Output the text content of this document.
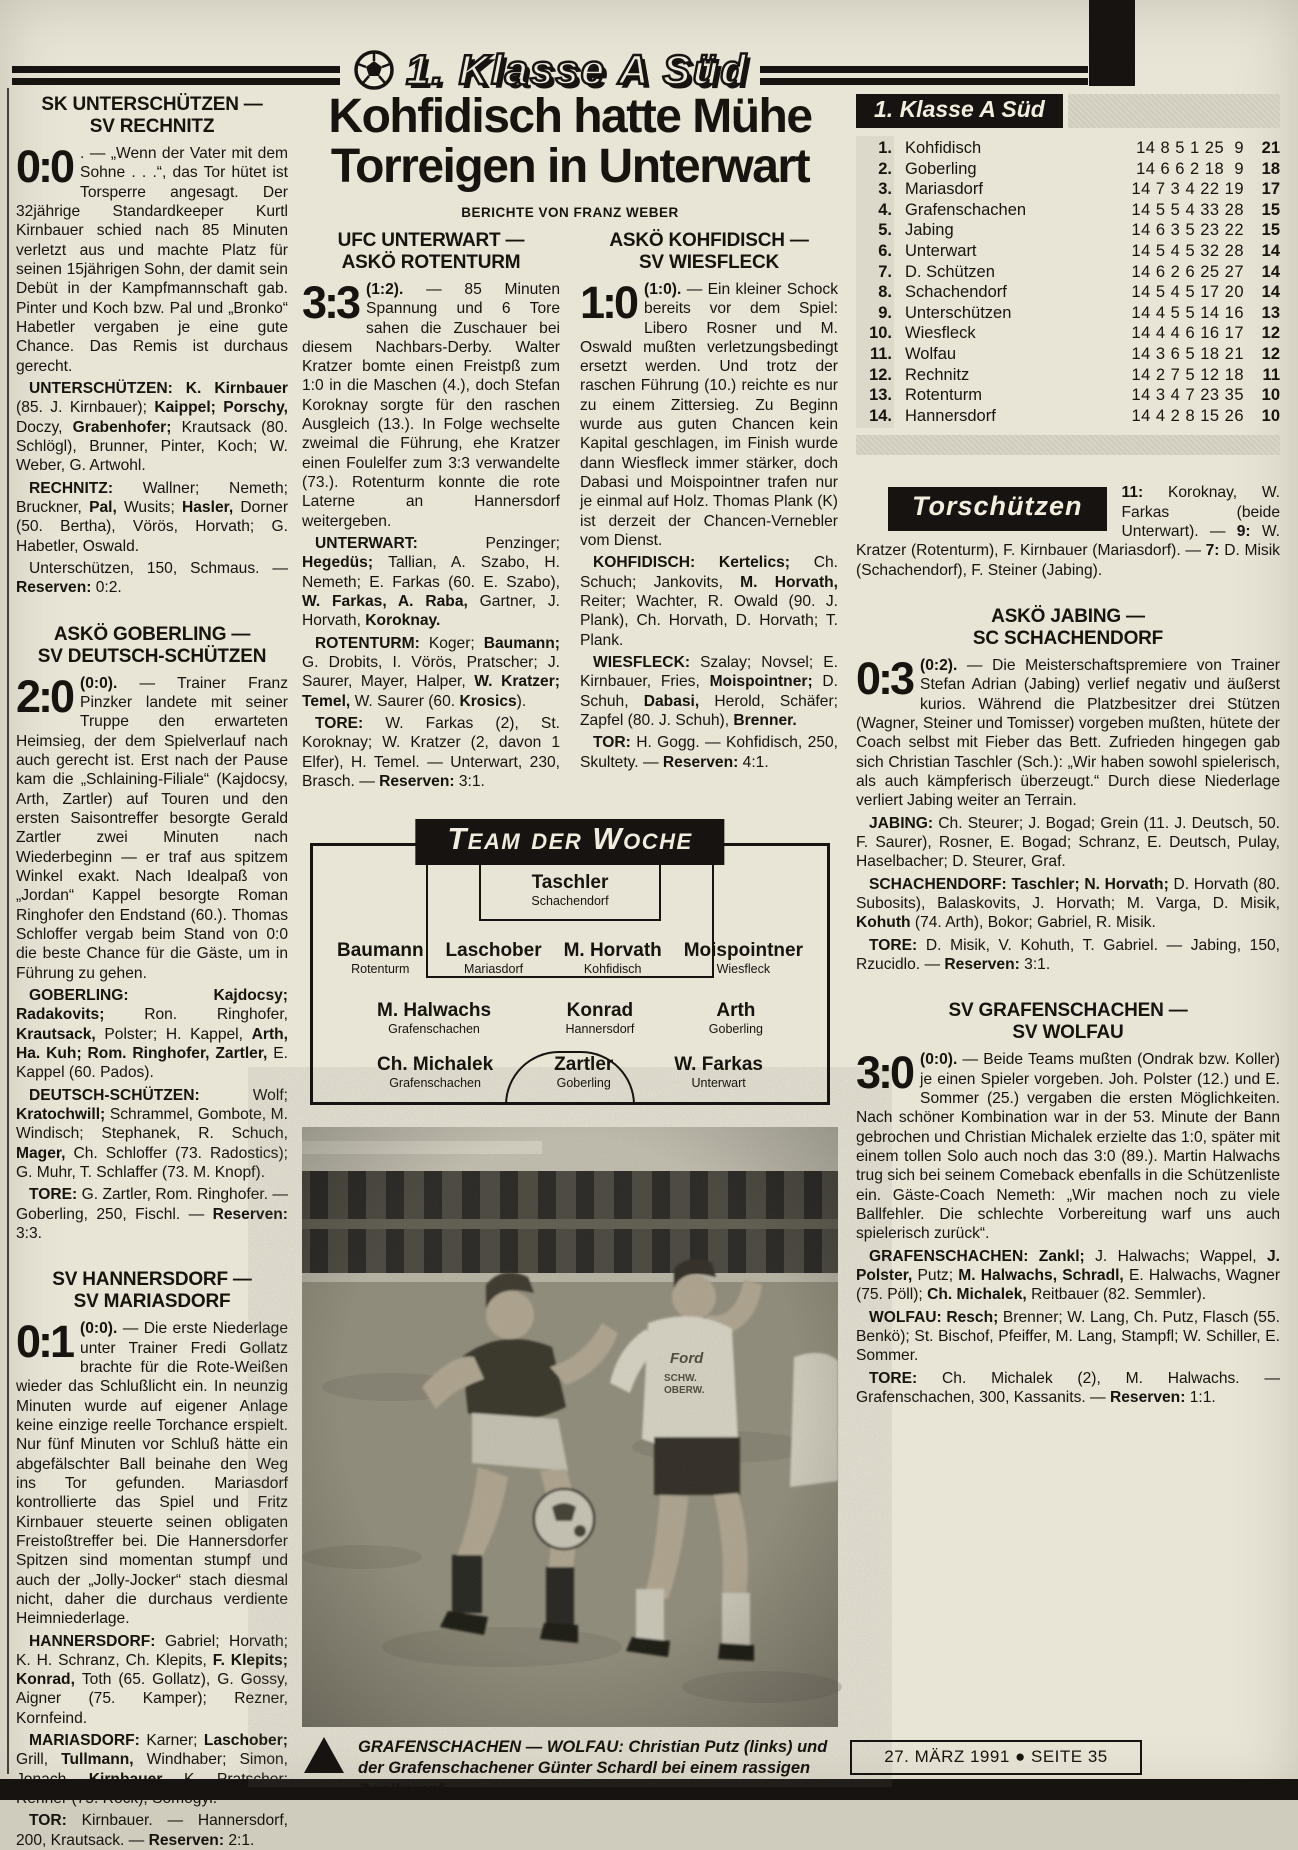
1. Klasse A Süd
SK UNTERSCHÜTZEN —
SV RECHNITZ

0:0 . — „Wenn der Vater mit dem Sohne . . .“, das Tor hütet ist Torsperre angesagt. Der 32jährige Standardkeeper Kurtl Kirnbauer schied nach 85 Minuten verletzt aus und machte Platz für seinen 15jährigen Sohn, der damit sein Debüt in der Kampfmannschaft gab. Pinter und Koch bzw. Pal und „Bronko“ Habetler vergaben je eine gute Chance. Das Remis ist durchaus gerecht.

UNTERSCHÜTZEN: K. Kirnbauer (85. J. Kirnbauer); Kaippel; Porschy, Doczy, Grabenhofer; Krautsack (80. Schlögl), Brunner, Pinter, Koch; W. Weber, G. Artwohl.

RECHNITZ: Wallner; Nemeth; Bruckner, Pal, Wusits; Hasler, Dorner (50. Bertha), Vörös, Horvath; G. Habetler, Oswald.

Unterschützen, 150, Schmaus. — Reserven: 0:2.

ASKÖ GOBERLING —
SV DEUTSCH-SCHÜTZEN

2:0 (0:0). — Trainer Franz Pinzker landete mit seiner Truppe den erwarteten Heimsieg, der dem Spielverlauf nach auch gerecht ist. Erst nach der Pause kam die „Schlaining-Filiale“ (Kajdocsy, Arth, Zartler) auf Touren und den ersten Saisontreffer besorgte Gerald Zartler zwei Minuten nach Wiederbeginn — er traf aus spitzem Winkel exakt. Nach Idealpaß von „Jordan“ Kappel besorgte Roman Ringhofer den Endstand (60.). Thomas Schloffer vergab beim Stand von 0:0 die beste Chance für die Gäste, um in Führung zu gehen.

GOBERLING: Kajdocsy; Radakovits; Ron. Ringhofer, Krautsack, Polster; H. Kappel, Arth, Ha. Kuh; Rom. Ringhofer, Zartler, E. Kappel (60. Pados).

DEUTSCH-SCHÜTZEN: Wolf; Kratochwill; Schrammel, Gombote, M. Windisch; Stephanek, R. Schuch, Mager, Ch. Schloffer (73. Radostics); G. Muhr, T. Schlaffer (73. M. Knopf).

TORE: G. Zartler, Rom. Ringhofer. — Goberling, 250, Fischl. — Reserven: 3:3.

SV HANNERSDORF —
SV MARIASDORF

0:1 (0:0). — Die erste Niederlage unter Trainer Fredi Gollatz brachte für die Rote-Weißen wieder das Schlußlicht ein. In neunzig Minuten wurde auf eigener Anlage keine einzige reelle Torchance erspielt. Nur fünf Minuten vor Schluß hätte ein abgefälschter Ball beinahe den Weg ins Tor gefunden. Mariasdorf kontrollierte das Spiel und Fritz Kirnbauer steuerte seinen obligaten Freistoßtreffer bei. Die Hannersdorfer Spitzen sind momentan stumpf und auch der „Jolly-Jocker“ stach diesmal nicht, daher die durchaus verdiente Heimniederlage.

HANNERSDORF: Gabriel; Horvath; K. H. Schranz, Ch. Klepits, F. Klepits; Konrad, Toth (65. Gollatz), G. Gossy, Aigner (75. Kamper); Rezner, Kornfeind.

MARIASDORF: Karner; Laschober; Grill, Tullmann, Windhaber; Simon, Jonach, Kirnbauer, K. Pratscher; Renner (75. Röck), Somogyi.

TOR: Kirnbauer. — Hannersdorf, 200, Krautsack. — Reserven: 2:1.

Kohfidisch hatte Mühe
Torreigen in Unterwart
BERICHTE VON FRANZ WEBER
UFC UNTERWART —
ASKÖ ROTENTURM

3:3 (1:2). — 85 Minuten Spannung und 6 Tore sahen die Zuschauer bei diesem Nachbars-Derby. Walter Kratzer bomte einen Freistpß zum 1:0 in die Maschen (4.), doch Stefan Koroknay sorgte für den raschen Ausgleich (13.). In Folge wechselte zweimal die Führung, ehe Kratzer einen Foulelfer zum 3:3 verwandelte (73.). Rotenturm konnte die rote Laterne an Hannersdorf weitergeben.

UNTERWART: Penzinger; Hegedüs; Tallian, A. Szabo, H. Nemeth; E. Farkas (60. E. Szabo), W. Farkas, A. Raba, Gartner, J. Horvath, Koroknay.

ROTENTURM: Koger; Baumann; G. Drobits, I. Vörös, Pratscher; J. Saurer, Mayer, Halper, W. Kratzer; Temel, W. Saurer (60. Krosics).

TORE: W. Farkas (2), St. Koroknay; W. Kratzer (2, davon 1 Elfer), H. Temel. — Unterwart, 230, Brasch. — Reserven: 3:1.

ASKÖ KOHFIDISCH —
SV WIESFLECK

1:0 (1:0). — Ein kleiner Schock bereits vor dem Spiel: Libero Rosner und M. Oswald mußten verletzungsbedingt ersetzt werden. Und trotz der raschen Führung (10.) reichte es nur zu einem Zittersieg. Zu Beginn wurde aus guten Chancen kein Kapital geschlagen, im Finish wurde dann Wiesfleck immer stärker, doch Dabasi und Moispointner trafen nur je einmal auf Holz. Thomas Plank (K) ist derzeit der Chancen-Vernebler vom Dienst.

KOHFIDISCH: Kertelics; Ch. Schuch; Jankovits, M. Horvath, Reiter; Wachter, R. Owald (90. J. Plank), Ch. Horvath, D. Horvath; T. Plank.

WIESFLECK: Szalay; Novsel; E. Kirnbauer, Fries, Moispointner; D. Schuh, Dabasi, Herold, Schäfer; Zapfel (80. J. Schuh), Brenner.

TOR: H. Gogg. — Kohfidisch, 250, Skultety. — Reserven: 4:1.

Team der Woche
Taschler
Schachendorf
Baumann
Rotenturm
Laschober
Mariasdorf
M. Horvath
Kohfidisch
Moispointner
Wiesfleck
M. Halwachs
Grafenschachen
Konrad
Hannersdorf
Arth
Goberling
Ch. Michalek
Grafenschachen
Zartler
Goberling
W. Farkas
Unterwart
GRAFENSCHACHEN — WOLFAU: Christian Putz (links) und der Grafenschachener Günter Schardl bei einem rassigen Zweikampf.
1. Klasse A Süd
1. Kohfidisch	14 8 5 1 25  9	21
2. Goberling	14 6 6 2 18  9	18
3. Mariasdorf	14 7 3 4 22 19	17
4. Grafenschachen	14 5 5 4 33 28	15
5. Jabing	14 6 3 5 23 22	15
6. Unterwart	14 5 4 5 32 28	14
7. D. Schützen	14 6 2 6 25 27	14
8. Schachendorf	14 5 4 5 17 20	14
9. Unterschützen	14 4 5 5 14 16	13
10. Wiesfleck	14 4 4 6 16 17	12
11. Wolfau	14 3 6 5 18 21	12
12. Rechnitz	14 2 7 5 12 18	11
13. Rotenturm	14 3 4 7 23 35	10
14. Hannersdorf	14 4 2 8 15 26	10
Torschützen	11: Koroknay, W. Farkas (beide Unterwart). — 9: W. Kratzer (Rotenturm), F. Kirnbauer (Mariasdorf). — 7: D. Misik (Schachendorf), F. Steiner (Jabing).

ASKÖ JABING —
SC SCHACHENDORF

0:3 (0:2). — Die Meisterschaftspremiere von Trainer Stefan Adrian (Jabing) verlief negativ und äußerst kurios. Während die Platzbesitzer drei Stützen (Wagner, Steiner und Tomisser) vorgeben mußten, hütete der Coach selbst mit Fieber das Bett. Zufrieden hingegen gab sich Christian Taschler (Sch.): „Wir haben sowohl spielerisch, als auch kämpferisch überzeugt.“ Durch diese Niederlage verliert Jabing weiter an Terrain.

JABING: Ch. Steurer; J. Bogad; Grein (11. J. Deutsch, 50. F. Saurer), Rosner, E. Bogad; Schranz, E. Deutsch, Pulay, Haselbacher; D. Steurer, Graf.

SCHACHENDORF: Taschler; N. Horvath; D. Horvath (80. Subosits), Balaskovits, J. Horvath; M. Varga, D. Misik, Kohuth (74. Arth), Bokor; Gabriel, R. Misik.

TORE: D. Misik, V. Kohuth, T. Gabriel. — Jabing, 150, Rzucidlo. — Reserven: 3:1.

SV GRAFENSCHACHEN —
SV WOLFAU

3:0 (0:0). — Beide Teams mußten (Ondrak bzw. Koller) je einen Spieler vorgeben. Joh. Polster (12.) und E. Sommer (25.) vergaben die ersten Möglichkeiten. Nach schöner Kombination war in der 53. Minute der Bann gebrochen und Christian Michalek erzielte das 1:0, später mit einem tollen Solo auch noch das 3:0 (89.). Martin Halwachs trug sich bei seinem Comeback ebenfalls in die Schützenliste ein. Gäste-Coach Nemeth: „Wir machen noch zu viele Ballfehler. Die schlechte Vorbereitung warf uns auch spielerisch zurück“.

GRAFENSCHACHEN: Zankl; J. Halwachs; Wappel, J. Polster, Putz; M. Halwachs, Schradl, E. Halwachs, Wagner (75. Pöll); Ch. Michalek, Reitbauer (82. Semmler).

WOLFAU: Resch; Brenner; W. Lang, Ch. Putz, Flasch (55. Benkö); St. Bischof, Pfeiffer, M. Lang, Stampfl; W. Schiller, E. Sommer.

TORE: Ch. Michalek (2), M. Halwachs. — Grafenschachen, 300, Kassanits. — Reserven: 1:1.

27. MÄRZ 1991 ● SEITE 35
